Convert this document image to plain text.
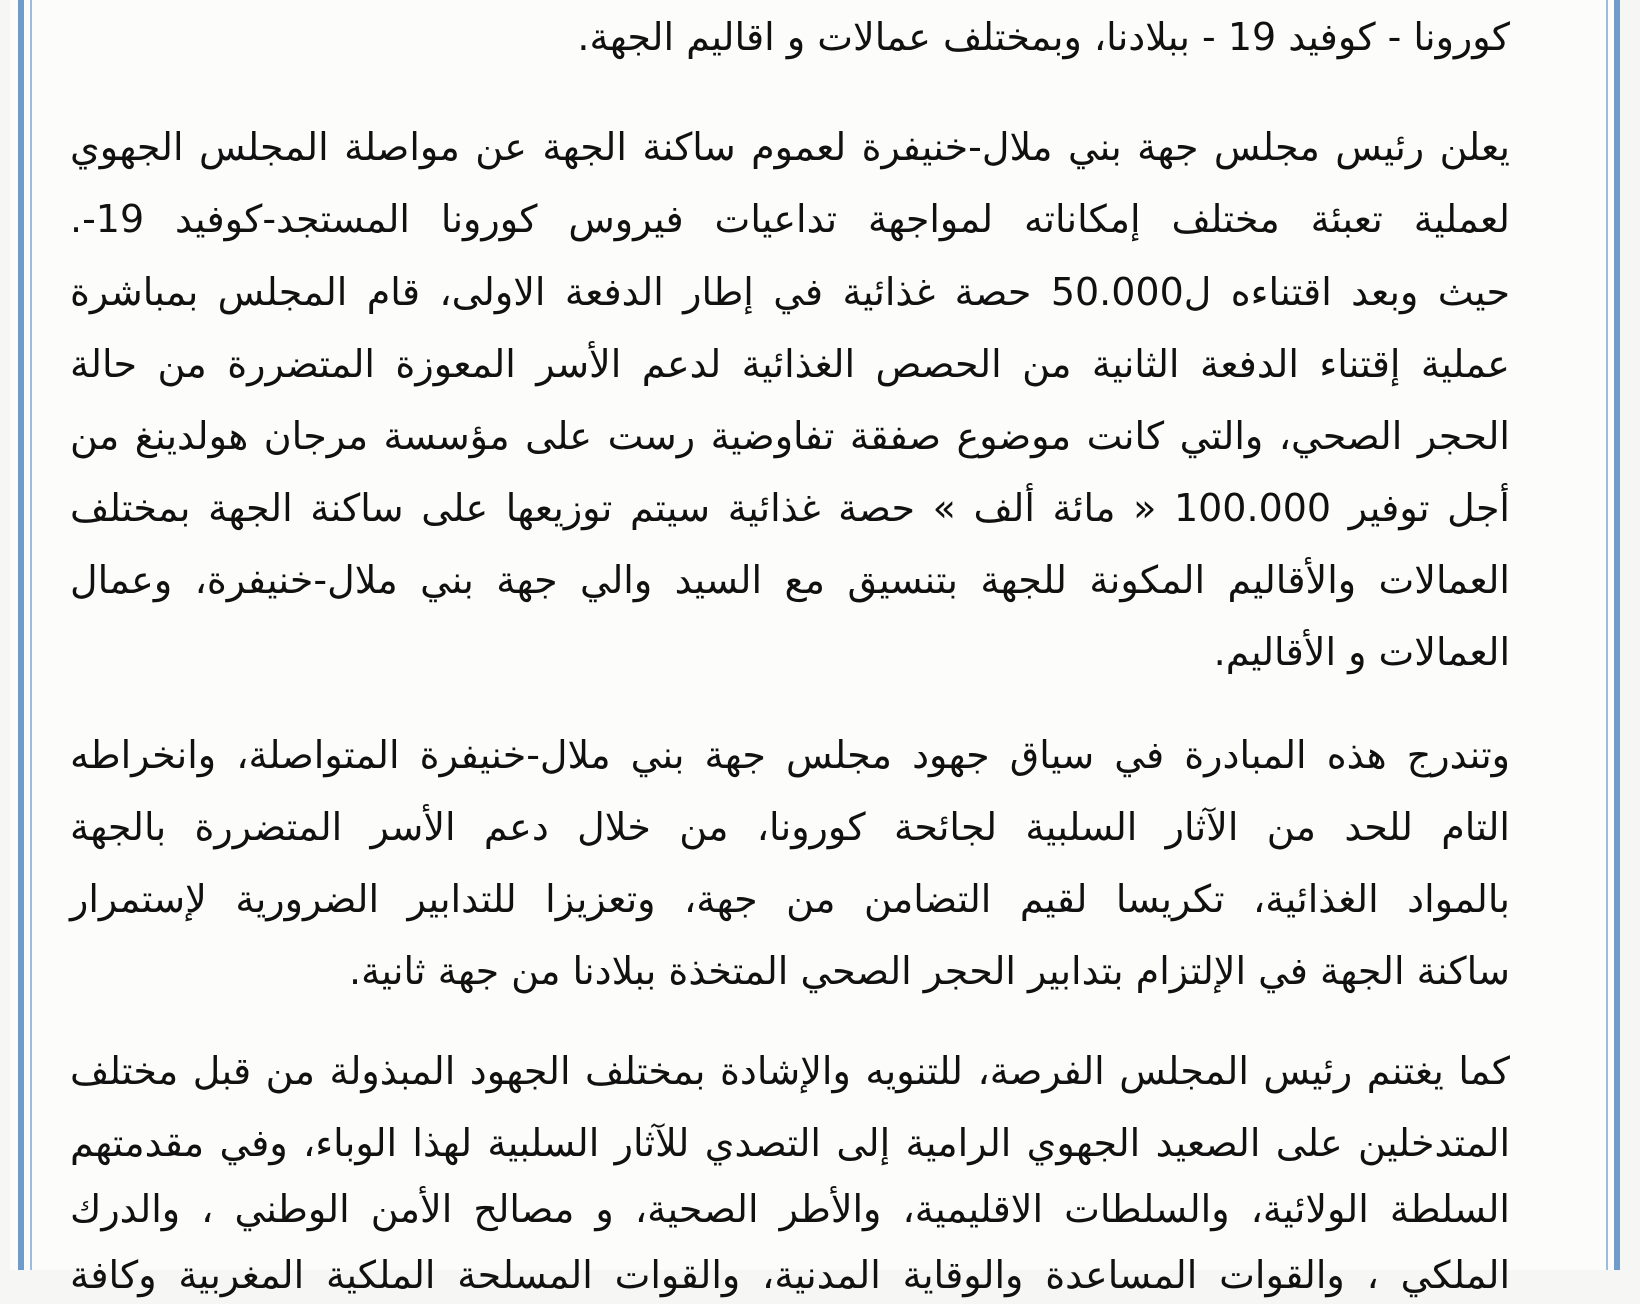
كورونا - كوفيد 19 - ببلادنا، وبمختلف عمالات و اقاليم الجهة.
يعلن رئيس مجلس جهة بني ملال-خنيفرة لعموم ساكنة الجهة عن مواصلة المجلس الجهوي
لعملية تعبئة مختلف إمكاناته لمواجهة تداعيات فيروس كورونا المستجد-كوفيد 19-.
حيث وبعد اقتناءه ل50.000 حصة غذائية في إطار الدفعة الاولى، قام المجلس بمباشرة
عملية إقتناء الدفعة الثانية من الحصص الغذائية لدعم الأسر المعوزة المتضررة من حالة
الحجر الصحي، والتي كانت موضوع صفقة تفاوضية رست على مؤسسة مرجان هولدينغ من
أجل توفير 100.000 « مائة ألف » حصة غذائية سيتم توزيعها على ساكنة الجهة بمختلف
العمالات والأقاليم المكونة للجهة بتنسيق مع السيد والي جهة بني ملال-خنيفرة، وعمال
العمالات و الأقاليم.
وتندرج هذه المبادرة في سياق جهود مجلس جهة بني ملال-خنيفرة المتواصلة، وانخراطه
التام للحد من الآثار السلبية لجائحة كورونا، من خلال دعم الأسر المتضررة بالجهة
بالمواد الغذائية، تكريسا لقيم التضامن من جهة، وتعزيزا للتدابير الضرورية لإستمرار
ساكنة الجهة في الإلتزام بتدابير الحجر الصحي المتخذة ببلادنا من جهة ثانية.
كما يغتنم رئيس المجلس الفرصة، للتنويه والإشادة بمختلف الجهود المبذولة من قبل مختلف
المتدخلين على الصعيد الجهوي الرامية إلى التصدي للآثار السلبية لهذا الوباء، وفي مقدمتهم
السلطة الولائية، والسلطات الاقليمية، والأطر الصحية، و مصالح الأمن الوطني ، والدرك
الملكي ، والقوات المساعدة والوقاية المدنية، والقوات المسلحة الملكية المغربية وكافة
